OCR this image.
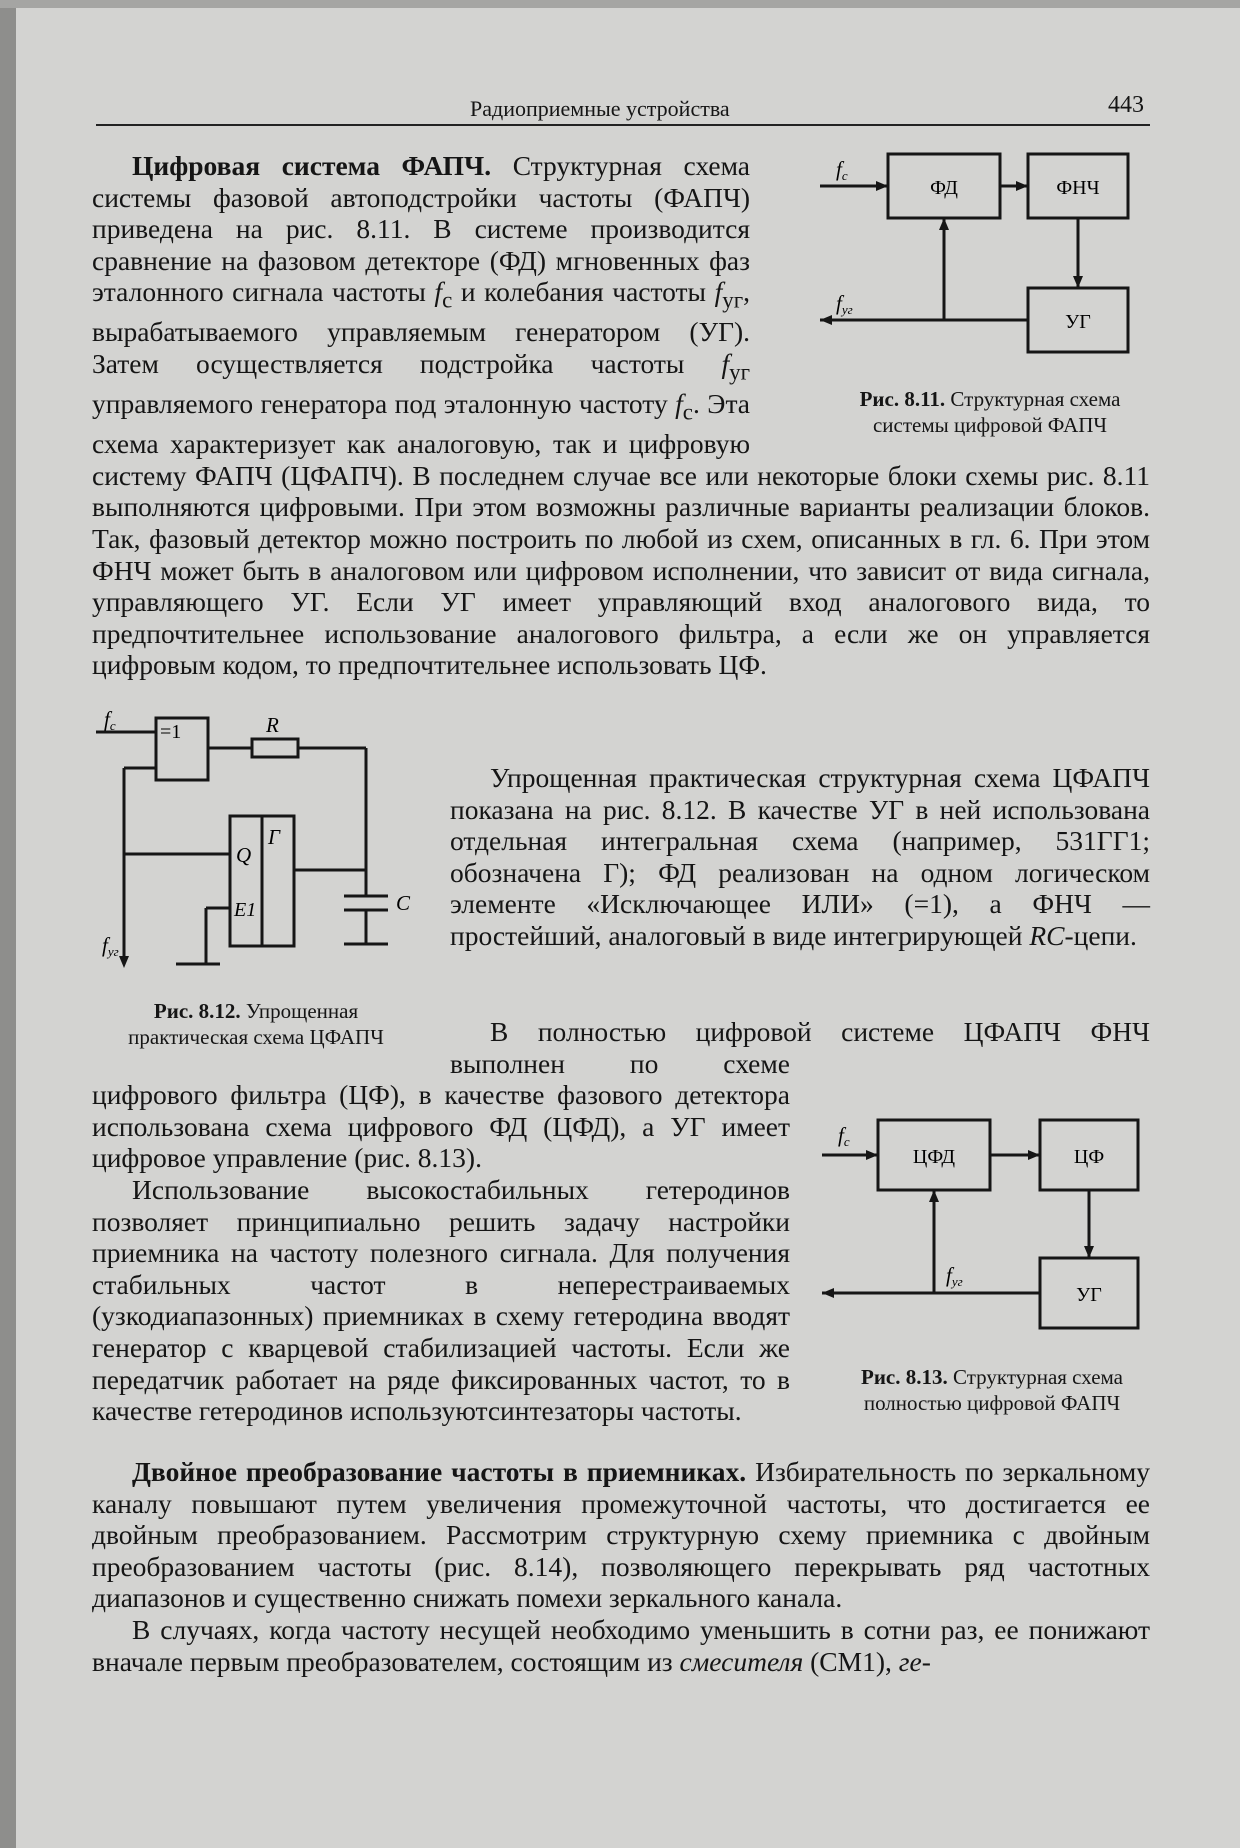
Радиоприемные устройства	443

Цифровая система ФАПЧ. Структурная схема системы фазовой автоподстройки частоты (ФАПЧ) приведена на рис. 8.11. В системе производится сравнение на фазовом детекторе (ФД) мгновенных фаз эталонного сигнала частоты $f_с$ и колебания частоты $f_{уг}$, вырабатываемого управляемым генератором (УГ). Затем осуществляется подстройка частоты $f_{уг}$ управляемого генератора под эталонную частоту $f_с$. Эта схема характеризует как аналоговую, так и цифровую систему ФАПЧ (ЦФАПЧ). В последнем случае все или некоторые блоки схемы рис. 8.11 выполняются цифровыми. При этом возможны различные варианты реализации блоков. Так, фазовый детектор можно построить по любой из схем, описанных в гл. 6. При этом ФНЧ может быть в аналоговом или цифровом исполнении, что зависит от вида сигнала, управляющего УГ. Если УГ имеет управляющий вход аналогового вида, то предпочтительнее использование аналогового фильтра, а если же он управляется цифровым кодом, то предпочтительнее использовать ЦФ.

Упрощенная практическая структурная схема ЦФАПЧ показана на рис. 8.12. В качестве УГ в ней использована отдельная интегральная схема (например, 531ГГ1; обозначена Г); ФД реализован на одном логическом элементе «Исключающее ИЛИ» (=1), а ФНЧ — простейший, аналоговый в виде интегрирующей RC-цепи.

В полностью цифровой системе ЦФАПЧ ФНЧ выполнен по схеме цифрового фильтра (ЦФ), в качестве фазового детектора использована схема цифрового ФД (ЦФД), а УГ имеет цифровое управление (рис. 8.13).

Использование высокостабильных гетеродинов позволяет принципиально решить задачу настройки приемника на частоту полезного сигнала. Для получения стабильных частот в неперестраиваемых (узкодиапазонных) приемниках в схему гетеродина вводят генератор с кварцевой стабилизацией частоты. Если же передатчик работает на ряде фиксированных частот, то в качестве гетеродинов используютсинтезаторы частоты.

Двойное преобразование частоты в приемниках. Избирательность по зеркальному каналу повышают путем увеличения промежуточной частоты, что достигается ее двойным преобразованием. Рассмотрим структурную схему приемника с двойным преобразованием частоты (рис. 8.14), позволяющего перекрывать ряд частотных диапазонов и существенно снижать помехи зеркального канала.

В случаях, когда частоту несущей необходимо уменьшить в сотни раз, ее понижают вначале первым преобразователем, состоящим из смесителя (СМ1), ге-

ФД	ФНЧ
УГ
fс
fуг
Рис. 8.11. Структурная схема системы цифровой ФАПЧ
=1	R
C
Г
Q
E1
fс
fуг
Рис. 8.12. Упрощенная практическая схема ЦФАПЧ
ЦФД	ЦФ
УГ
fс
fуг
Рис. 8.13. Структурная схема полностью цифровой ФАПЧ
